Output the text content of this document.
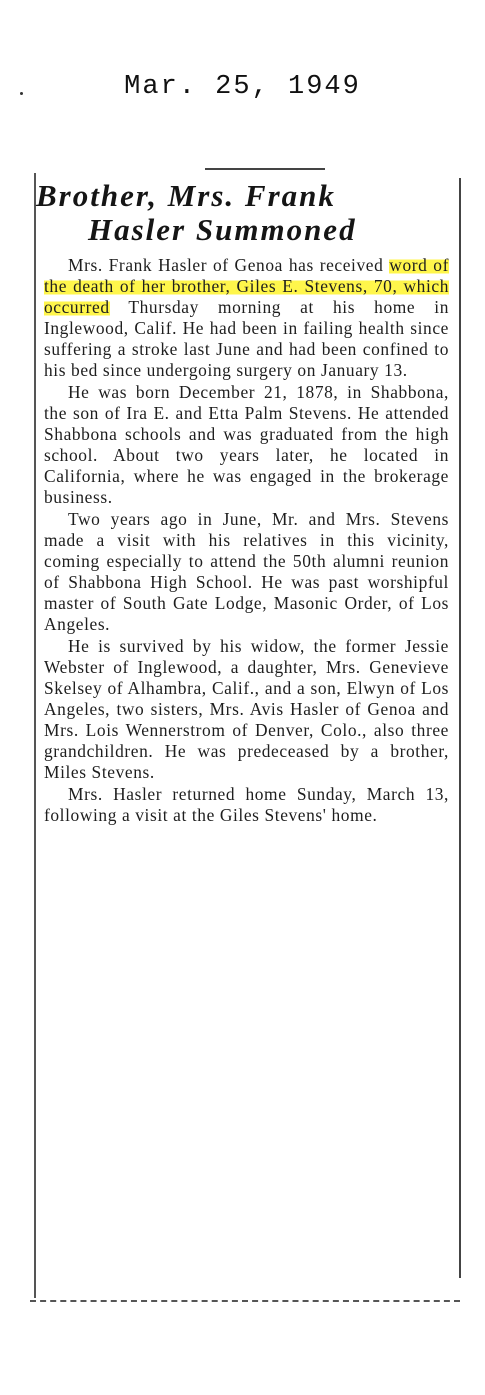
Mar. 25, 1949
Brother, Mrs. Frank
Hasler Summoned

Mrs. Frank Hasler of Genoa has received word of the death of her brother, Giles E. Stevens, 70, which occurred Thursday morning at his home in Inglewood, Calif. He had been in failing health since suffering a stroke last June and had been confined to his bed since undergoing surgery on January 13.

He was born December 21, 1878, in Shabbona, the son of Ira E. and Etta Palm Stevens. He attended Shabbona schools and was graduated from the high school. About two years later, he located in California, where he was engaged in the brokerage business.

Two years ago in June, Mr. and Mrs. Stevens made a visit with his relatives in this vicinity, coming especially to attend the 50th alumni reunion of Shabbona High School. He was past worshipful master of South Gate Lodge, Masonic Order, of Los Angeles.

He is survived by his widow, the former Jessie Webster of Inglewood, a daughter, Mrs. Genevieve Skelsey of Alhambra, Calif., and a son, Elwyn of Los Angeles, two sisters, Mrs. Avis Hasler of Genoa and Mrs. Lois Wennerstrom of Denver, Colo., also three grandchildren. He was predeceased by a brother, Miles Stevens.

Mrs. Hasler returned home Sunday, March 13, following a visit at the Giles Stevens' home.
